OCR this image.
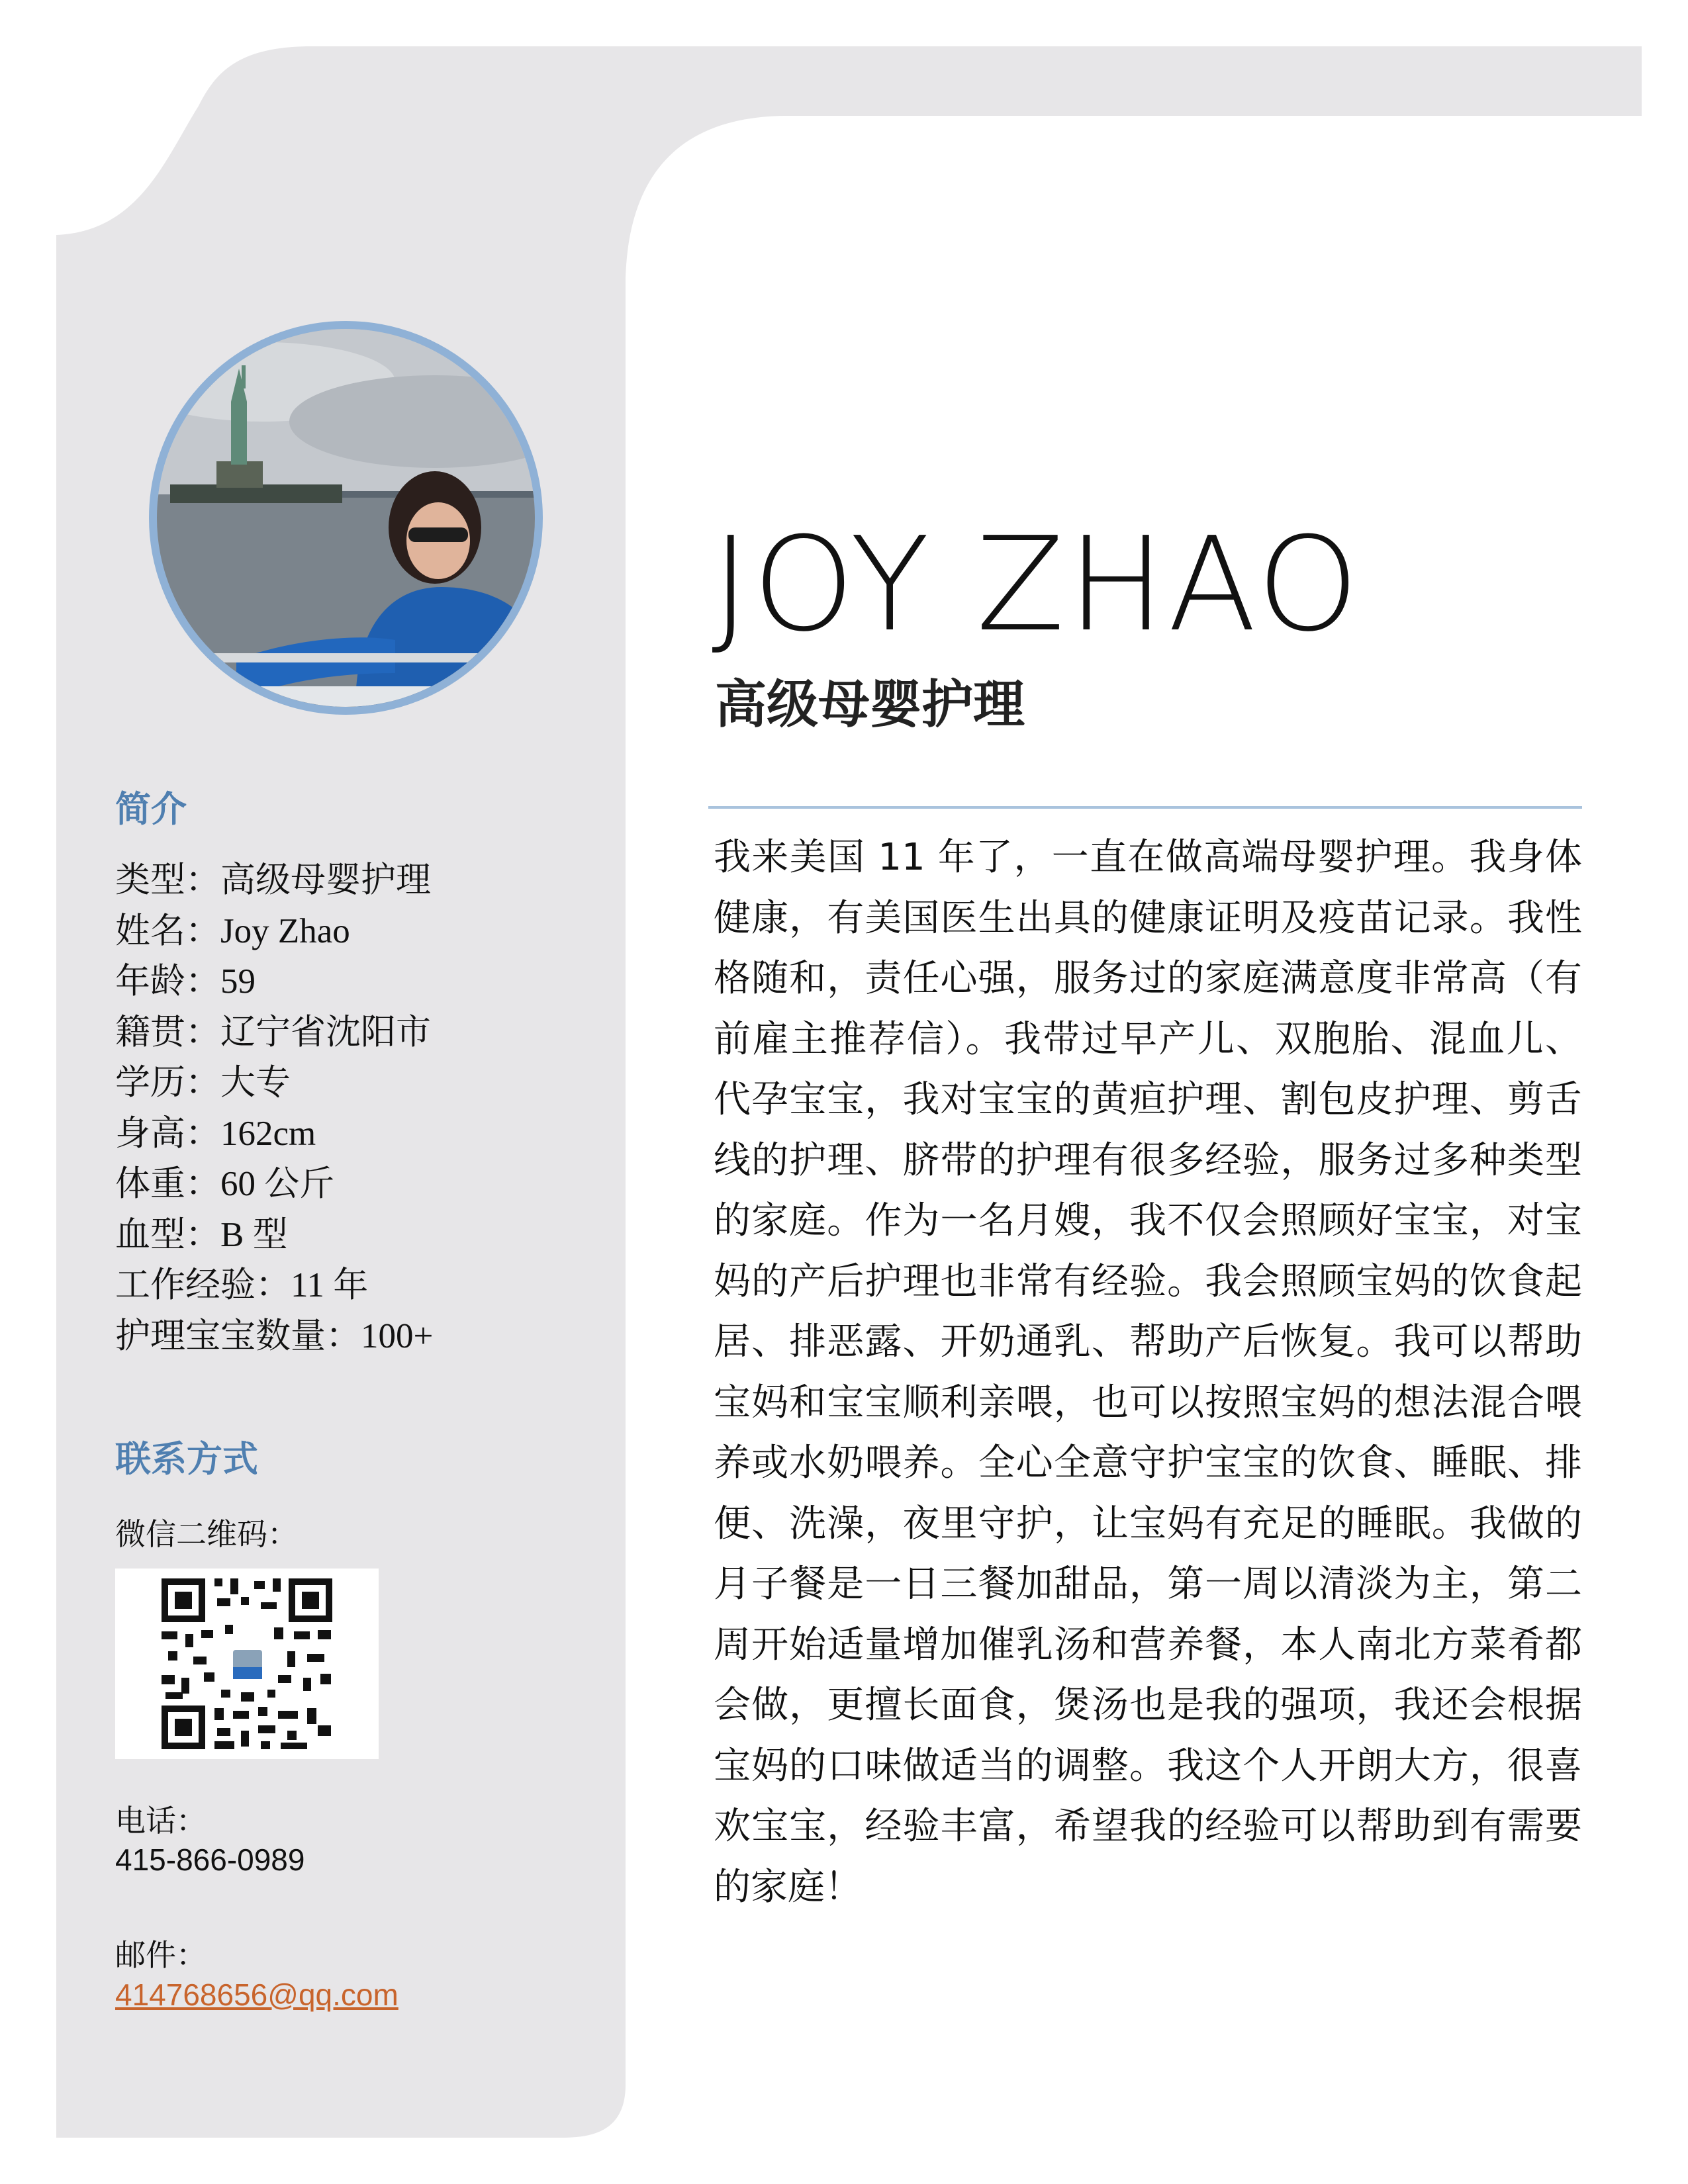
简介
类型：高级母婴护理
姓名：Joy Zhao
年龄：59
籍贯：辽宁省沈阳市
学历：大专
身高：162cm
体重：60 公斤
血型：B 型
工作经验：11 年
护理宝宝数量：100+
联系方式
微信二维码：
电话：
415-866-0989
邮件：
414768656@qq.com
JOY ZHAO
高级母婴护理

我来美国 11 年了，一直在做高端母婴护理。我身体健康，有美国医生出具的健康证明及疫苗记录。我性格随和，责任心强，服务过的家庭满意度非常高（有前雇主推荐信）。我带过早产儿、双胞胎、混血儿、代孕宝宝，我对宝宝的黄疸护理、割包皮护理、剪舌线的护理、脐带的护理有很多经验，服务过多种类型的家庭。作为一名月嫂，我不仅会照顾好宝宝，对宝妈的产后护理也非常有经验。我会照顾宝妈的饮食起居、排恶露、开奶通乳、帮助产后恢复。我可以帮助宝妈和宝宝顺利亲喂，也可以按照宝妈的想法混合喂养或水奶喂养。全心全意守护宝宝的饮食、睡眠、排便、洗澡，夜里守护，让宝妈有充足的睡眠。我做的月子餐是一日三餐加甜品，第一周以清淡为主，第二周开始适量增加催乳汤和营养餐，本人南北方菜肴都会做，更擅长面食，煲汤也是我的强项，我还会根据宝妈的口味做适当的调整。我这个人开朗大方，很喜欢宝宝，经验丰富，希望我的经验可以帮助到有需要的家庭！
